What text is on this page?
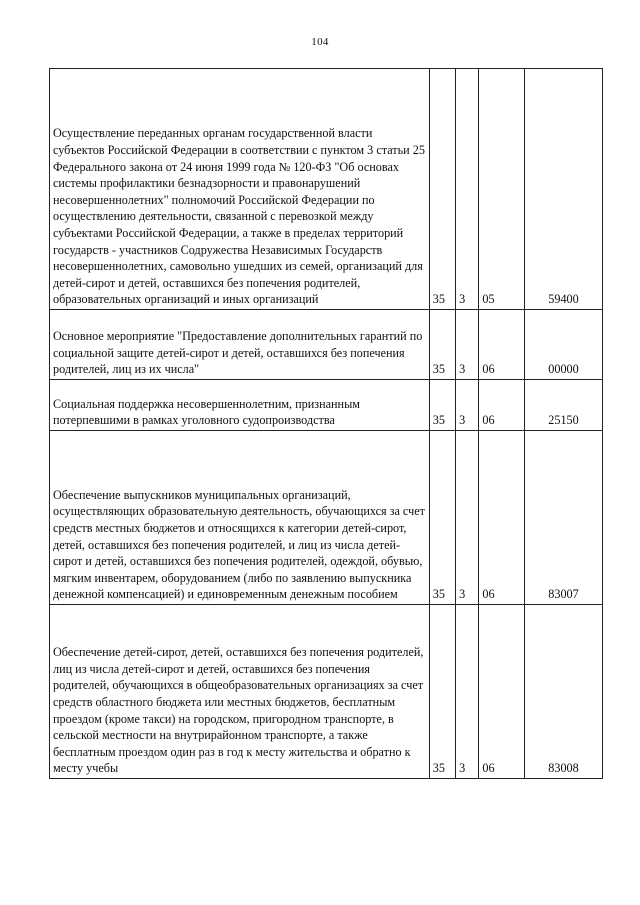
104
Осуществление переданных органам государственной власти субъектов Российской Федерации в соответствии с пунктом 3 статьи 25 Федерального закона от 24 июня 1999 года № 120-ФЗ "Об основах системы профилактики безнадзорности и правонарушений несовершеннолетних" полномочий Российской Федерации по осуществлению деятельности, связанной с перевозкой между субъектами Российской Федерации, а также в пределах территорий государств - участников Содружества Независимых Государств несовершеннолетних, самовольно ушедших из семей, организаций для детей-сирот и детей, оставшихся без попечения родителей, образовательных организаций и иных организаций	35	3	05	59400

Основное мероприятие "Предоставление дополнительных гарантий по социальной защите детей-сирот и детей, оставшихся без попечения родителей, лиц из их числа"	35	3	06	00000

Социальная поддержка несовершеннолетним, признанным потерпевшими в рамках уголовного судопроизводства	35	3	06	25150

Обеспечение выпускников муниципальных организаций, осуществляющих образовательную деятельность, обучающихся за счет средств местных бюджетов и относящихся к категории детей-сирот, детей, оставшихся без попечения родителей, и лиц из числа детей-сирот и детей, оставшихся без попечения родителей, одеждой, обувью, мягким инвентарем, оборудованием (либо по заявлению выпускника денежной компенсацией) и единовременным денежным пособием	35	3	06	83007

Обеспечение детей-сирот, детей, оставшихся без попечения родителей, лиц из числа детей-сирот и детей, оставшихся без попечения родителей, обучающихся в общеобразовательных организациях за счет средств областного бюджета или местных бюджетов, бесплатным проездом (кроме такси) на городском, пригородном транспорте, в сельской местности на внутрирайонном транспорте, а также бесплатным проездом один раз в год к месту жительства и обратно к месту учебы	35	3	06	83008
